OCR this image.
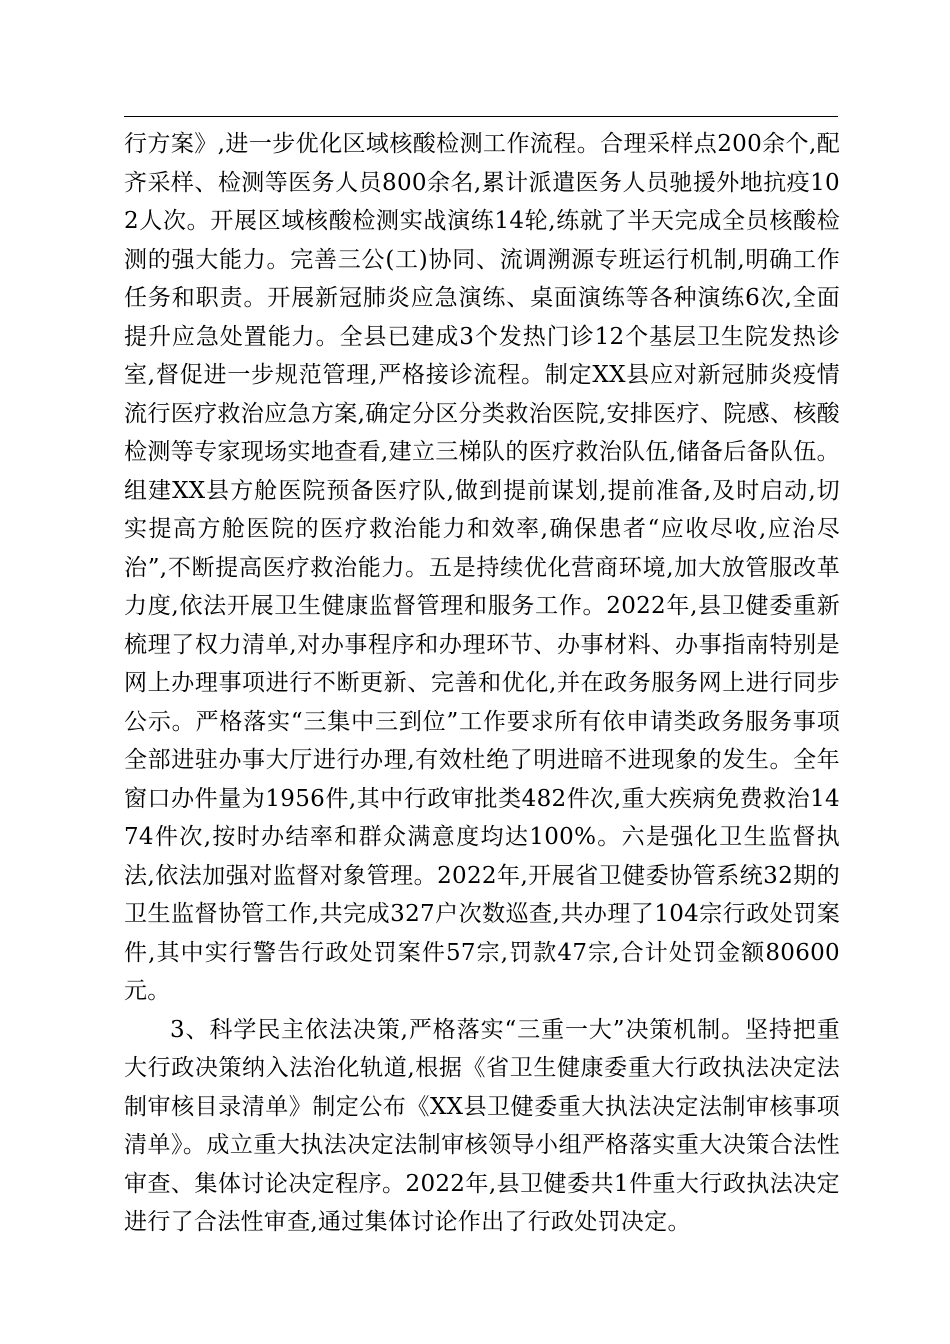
行方案》,进一步优化区域核酸检测工作流程。合理采样点200余个,配齐采样、检测等医务人员800余名,累计派遣医务人员驰援外地抗疫102人次。开展区域核酸检测实战演练14轮,练就了半天完成全员核酸检测的强大能力。完善三公(工)协同、流调溯源专班运行机制,明确工作任务和职责。开展新冠肺炎应急演练、桌面演练等各种演练6次,全面提升应急处置能力。全县已建成3个发热门诊12个基层卫生院发热诊室,督促进一步规范管理,严格接诊流程。制定XX县应对新冠肺炎疫情流行医疗救治应急方案,确定分区分类救治医院,安排医疗、院感、核酸检测等专家现场实地查看,建立三梯队的医疗救治队伍,储备后备队伍。组建XX县方舱医院预备医疗队,做到提前谋划,提前准备,及时启动,切实提高方舱医院的医疗救治能力和效率,确保患者“应收尽收,应治尽治”,不断提高医疗救治能力。五是持续优化营商环境,加大放管服改革力度,依法开展卫生健康监督管理和服务工作。2022年,县卫健委重新梳理了权力清单,对办事程序和办理环节、办事材料、办事指南特别是网上办理事项进行不断更新、完善和优化,并在政务服务网上进行同步公示。严格落实“三集中三到位”工作要求所有依申请类政务服务事项全部进驻办事大厅进行办理,有效杜绝了明进暗不进现象的发生。全年窗口办件量为1956件,其中行政审批类482件次,重大疾病免费救治1474件次,按时办结率和群众满意度均达100%。六是强化卫生监督执法,依法加强对监督对象管理。2022年,开展省卫健委协管系统32期的卫生监督协管工作,共完成327户次数巡查,共办理了104宗行政处罚案件,其中实行警告行政处罚案件57宗,罚款47宗,合计处罚金额80600元。

3、科学民主依法决策,严格落实“三重一大”决策机制。坚持把重大行政决策纳入法治化轨道,根据《省卫生健康委重大行政执法决定法制审核目录清单》制定公布《XX县卫健委重大执法决定法制审核事项清单》。成立重大执法决定法制审核领导小组严格落实重大决策合法性审查、集体讨论决定程序。2022年,县卫健委共1件重大行政执法决定进行了合法性审查,通过集体讨论作出了行政处罚决定。
